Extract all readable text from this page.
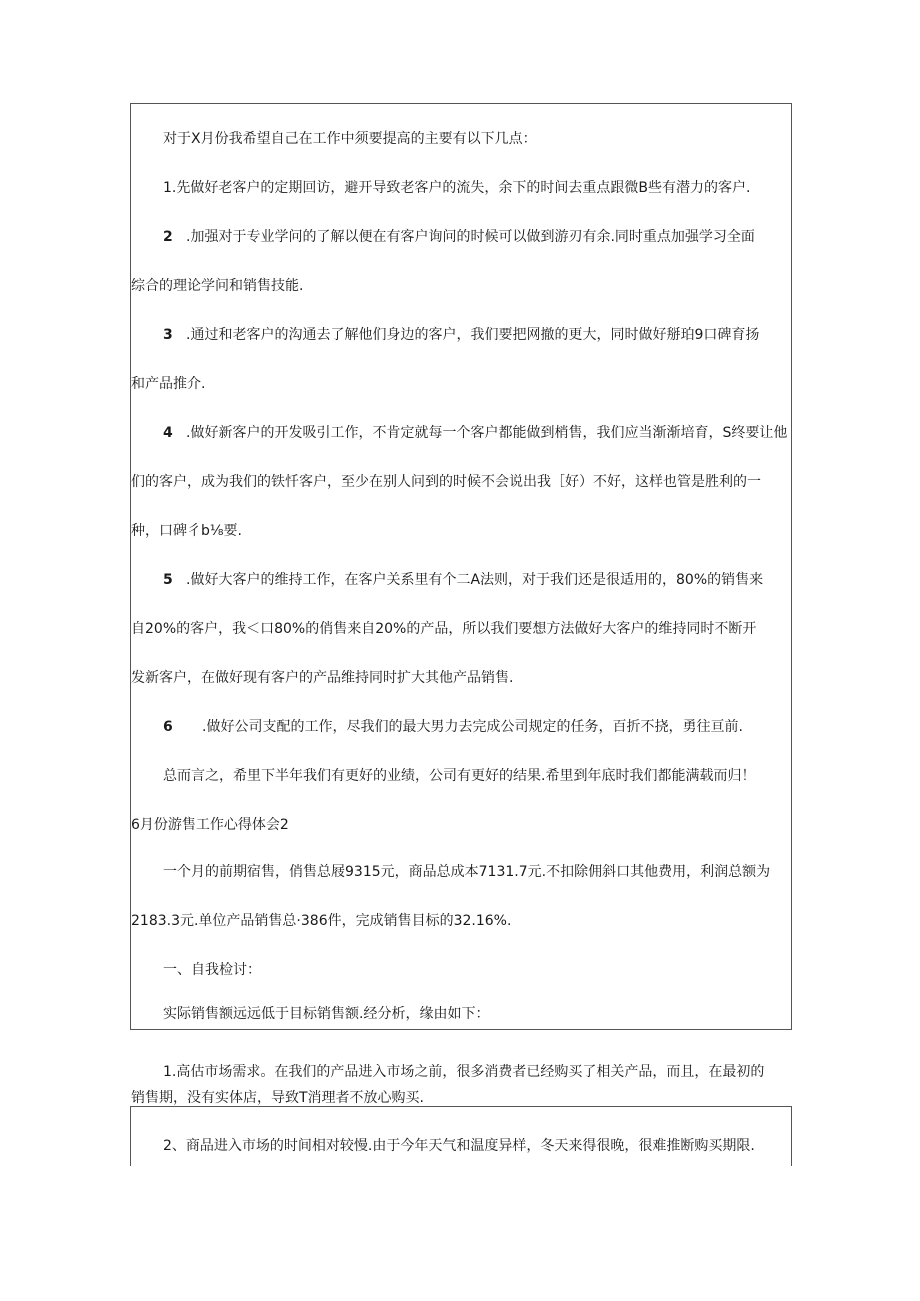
对于X月份我希望自己在工作中须要提高的主要有以下几点：
1.先做好老客户的定期回访，避开导致老客户的流失，余下的时间去重点跟微B些有潜力的客户.
2 .加强对于专业学问的了解以便在有客户询问的时候可以做到游刃有余.同时重点加强学习全面
综合的理论学问和销售技能.
3 .通过和老客户的沟通去了解他们身边的客户，我们要把网撤的更大，同时做好掰珀9口碑育扬
和产品推介.
4 .做好新客户的开发吸引工作，不肯定就每一个客户都能做到梢售，我们应当渐渐培育，S终要让他
们的客户，成为我们的铁忏客户，至少在别人问到的时候不会说出我［好）不好，这样也管是胜利的一
种，口碑彳b⅛要.
5 .做好大客户的维持工作，在客户关系里有个二A法则，对于我们还是很适用的，80%的销售来
自20%的客户，我＜口80%的俏售来自20%的产品，所以我们要想方法做好大客户的维持同时不断开
发新客户，在做好现有客户的产品维持同时扩大其他产品销售.
6 .做好公司支配的工作，尽我们的最大男力去完成公司规定的任务，百折不挠，勇往亘前.
总而言之，希里下半年我们有更好的业绩，公司有更好的结果.希里到年底时我们都能满载而归！
6月份游售工作心得体会2
一个月的前期宿售，俏售总屐9315元，商品总成本7131.7元.不扣除佣斜口其他费用，利润总额为
2183.3元.单位产品销售总·386件，完成销售目标的32.16%.
一、自我检讨：
实际销售额远远低于目标销售额.经分析，缘由如下：
1.高估市场需求。在我们的产品进入市场之前，很多消费者已经购买了相关产品，而且，在最初的
销售期，没有实体店，导致T消理者不放心购买.
2、商品进入市场的时间相对较慢.由于今年天气和温度异样，冬天来得很晚，很难推断购买期限.
